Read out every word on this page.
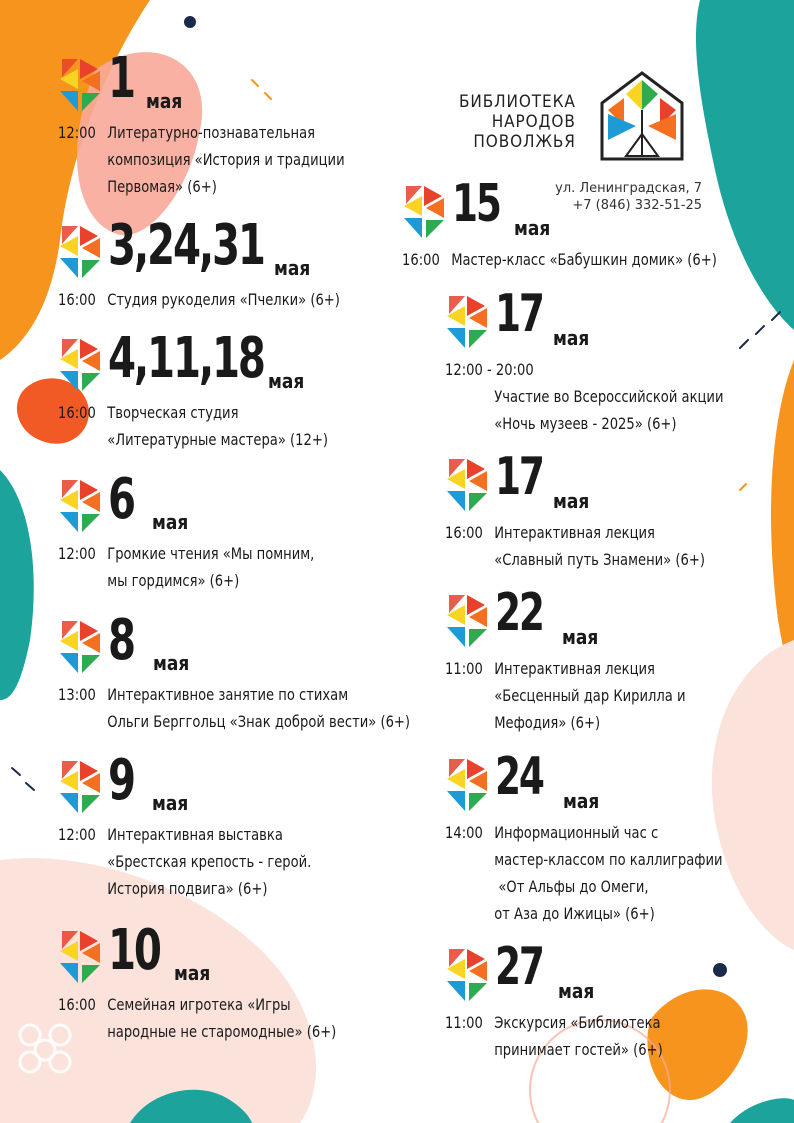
БИБЛИОТЕКА
НАРОДОВ
ПОВОЛЖЬЯ
ул. Ленинградская, 7
+7 (846) 332-51-25
1 мая
12:00 Литературно-познавательная
композиция «История и традиции
Первомая» (6+)
3,24,31 мая
16:00 Студия рукоделия «Пчелки» (6+)
4,11,18 мая
16:00 Творческая студия
«Литературные мастера» (12+)
6 мая
12:00 Громкие чтения «Мы помним,
мы гордимся» (6+)
8 мая
13:00 Интерактивное занятие по стихам
Ольги Берггольц «Знак доброй вести» (6+)
9 мая
12:00 Интерактивная выставка
«Брестская крепость - герой.
История подвига» (6+)
10 мая
16:00 Семейная игротека «Игры
народные не старомодные» (6+)
15 мая
16:00 Мастер-класс «Бабушкин домик» (6+)
17 мая
12:00 - 20:00
Участие во Всероссийской акции
«Ночь музеев - 2025» (6+)
17 мая
16:00 Интерактивная лекция
«Славный путь Знамени» (6+)
22 мая
11:00 Интерактивная лекция
«Бесценный дар Кирилла и
Мефодия» (6+)
24 мая
14:00 Информационный час с
мастер-классом по каллиграфии
«От Альфы до Омеги,
от Аза до Ижицы» (6+)
27 мая
11:00 Экскурсия «Библиотека
принимает гостей» (6+)
